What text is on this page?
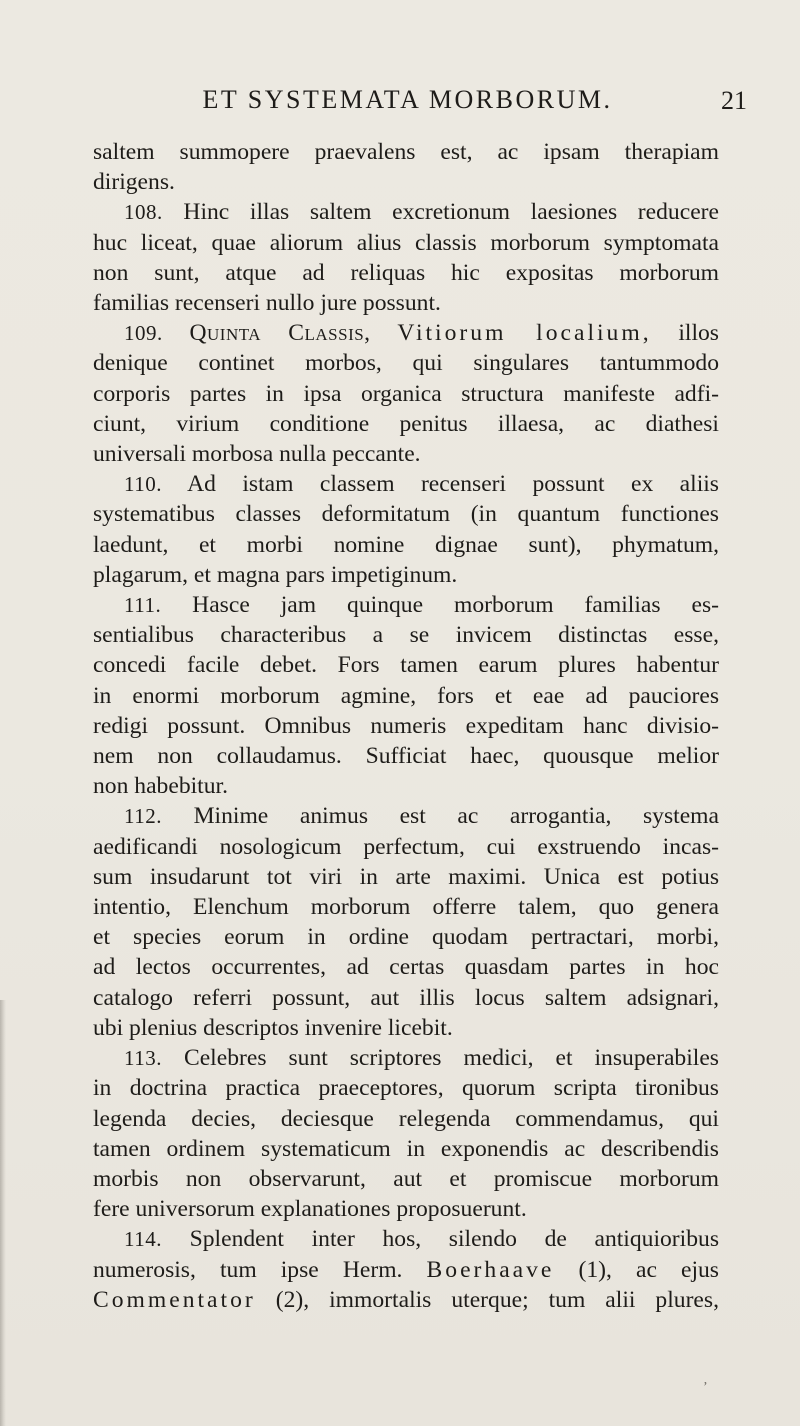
ET SYSTEMATA MORBORUM.	21
saltem summopere praevalens est, ac ipsam therapiam
dirigens.
108. Hinc illas saltem excretionum laesiones reducere
huc liceat, quae aliorum alius classis morborum symptomata
non sunt, atque ad reliquas hic expositas morborum
familias recenseri nullo jure possunt.
109. Quinta Classis, Vitiorum localium, illos
denique continet morbos, qui singulares tantummodo
corporis partes in ipsa organica structura manifeste adfi-
ciunt, virium conditione penitus illaesa, ac diathesi
universali morbosa nulla peccante.
110. Ad istam classem recenseri possunt ex aliis
systematibus classes deformitatum (in quantum functiones
laedunt, et morbi nomine dignae sunt), phymatum,
plagarum, et magna pars impetiginum.
111. Hasce jam quinque morborum familias es-
sentialibus characteribus a se invicem distinctas esse,
concedi facile debet. Fors tamen earum plures habentur
in enormi morborum agmine, fors et eae ad pauciores
redigi possunt. Omnibus numeris expeditam hanc divisio-
nem non collaudamus. Sufficiat haec, quousque melior
non habebitur.
112. Minime animus est ac arrogantia, systema
aedificandi nosologicum perfectum, cui exstruendo incas-
sum insudarunt tot viri in arte maximi. Unica est potius
intentio, Elenchum morborum offerre talem, quo genera
et species eorum in ordine quodam pertractari, morbi,
ad lectos occurrentes, ad certas quasdam partes in hoc
catalogo referri possunt, aut illis locus saltem adsignari,
ubi plenius descriptos invenire licebit.
113. Celebres sunt scriptores medici, et insuperabiles
in doctrina practica praeceptores, quorum scripta tironibus
legenda decies, deciesque relegenda commendamus, qui
tamen ordinem systematicum in exponendis ac describendis
morbis non observarunt, aut et promiscue morborum
fere universorum explanationes proposuerunt.
114. Splendent inter hos, silendo de antiquioribus
numerosis, tum ipse Herm. Boerhaave (1), ac ejus
Commentator (2), immortalis uterque; tum alii plures,
ʼ
